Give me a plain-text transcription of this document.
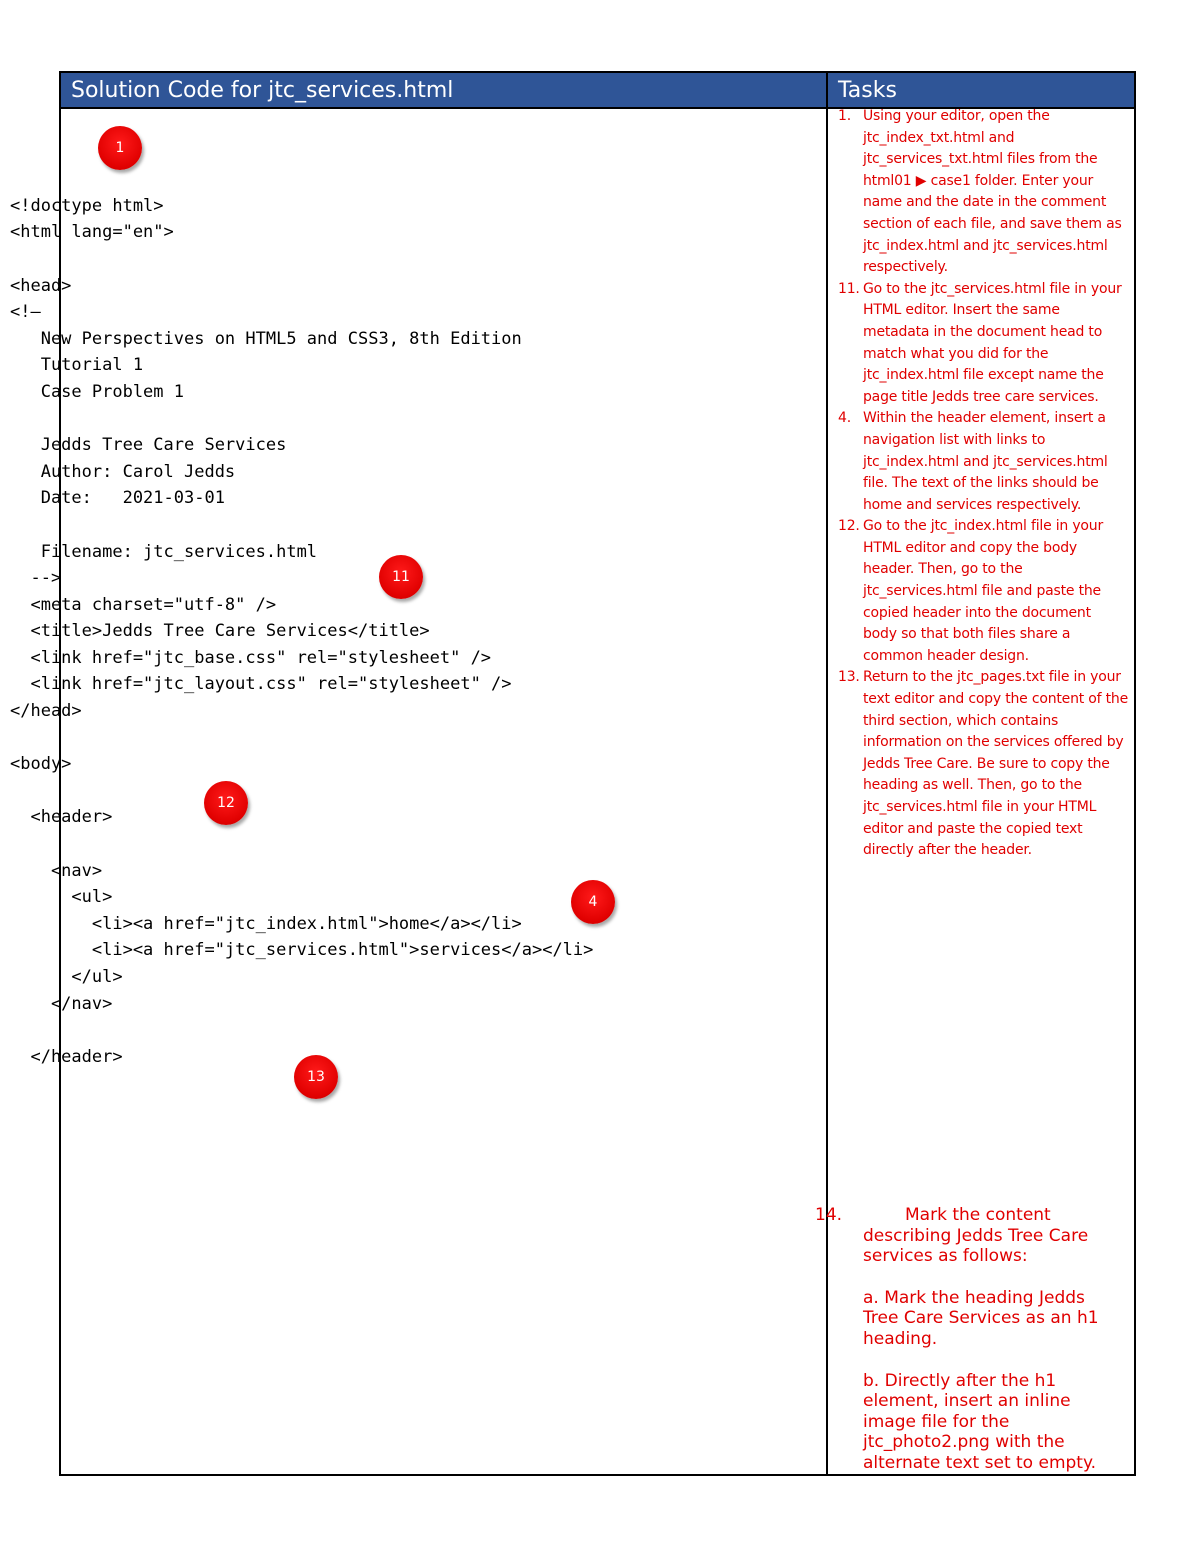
Solution Code for jtc_services.html	Tasks

<!doctype html>
<html lang="en">

<head>
<!–
New Perspectives on HTML5 and CSS3, 8th Edition
Tutorial 1
Case Problem 1

Jedds Tree Care Services
Author: Carol Jedds
Date:   2021-03-01

Filename: jtc_services.html
-->
<meta charset="utf-8" />
<title>Jedds Tree Care Services</title>
<link href="jtc_base.css" rel="stylesheet" />
<link href="jtc_layout.css" rel="stylesheet" />
</head>

<body>

<header>

<nav>
<ul>
<li><a href="jtc_index.html">home</a></li>
<li><a href="jtc_services.html">services</a></li>
</ul>
</nav>

</header>
1
11
12
4
13
1. Using your editor, open the jtc_index_txt.html and jtc_services_txt.html files from the html01 ▶ case1 folder. Enter your name and the date in the comment section of each file, and save them as jtc_index.html and jtc_services.html respectively.
11. Go to the jtc_services.html file in your HTML editor. Insert the same metadata in the document head to match what you did for the jtc_index.html file except name the page title Jedds tree care services.
4. Within the header element, insert a navigation list with links to jtc_index.html and jtc_services.html file. The text of the links should be home and services respectively.
12. Go to the jtc_index.html file in your HTML editor and copy the body header. Then, go to the jtc_services.html file and paste the copied header into the document body so that both files share a common header design.
13. Return to the jtc_pages.txt file in your text editor and copy the content of the third section, which contains information on the services offered by Jedds Tree Care. Be sure to copy the heading as well. Then, go to the jtc_services.html file in your HTML editor and paste the copied text directly after the header.
14.	Mark the content describing Jedds Tree Care services as follows:
a. Mark the heading Jedds Tree Care Services as an h1 heading.
b. Directly after the h1 element, insert an inline image file for the jtc_photo2.png with the alternate text set to empty.
